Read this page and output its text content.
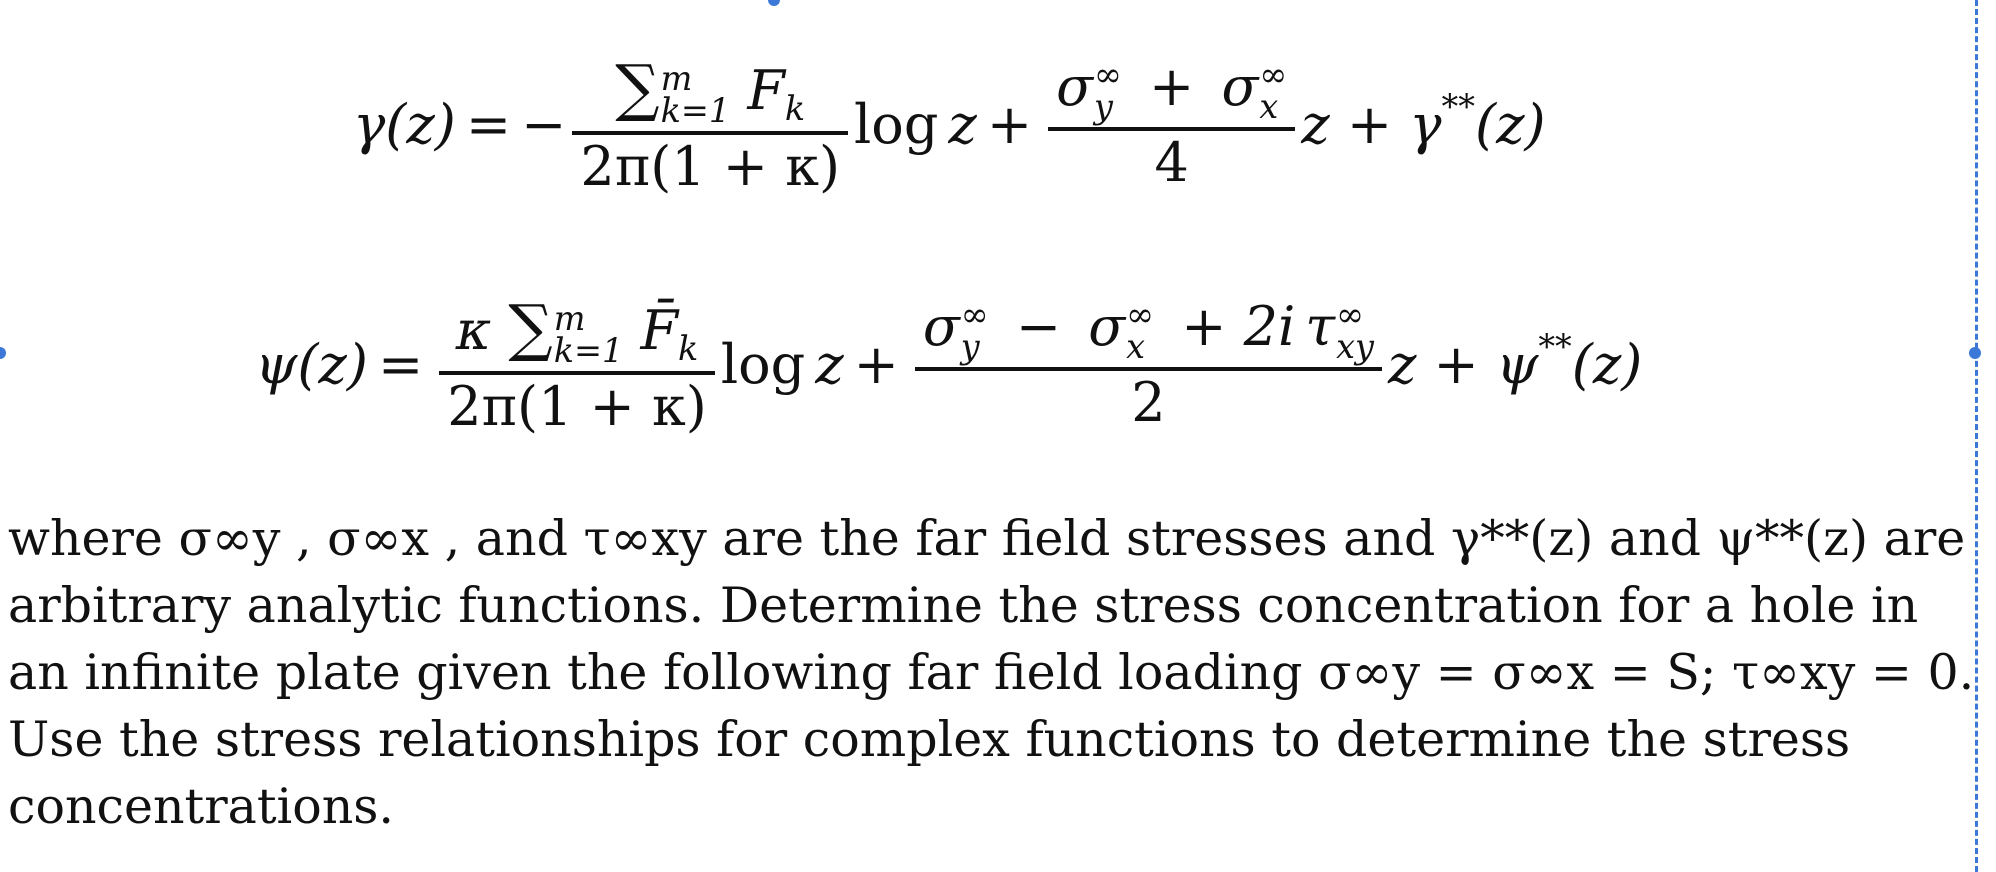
γ(z) = − ∑ m
k=1 $F_k$
2π(1 + κ) log z + σ ∞
y + σ ∞
x
4 z + γ ** (z)
ψ(z) = κ ∑ m
k=1 $F̄_k$
2π(1 + κ) log z + σ ∞
y − σ ∞
x + 2i τ ∞
xy
2 z + ψ ** (z)
where σ∞y , σ∞x , and τ∞xy are the far field stresses and γ**(z) and ψ**(z) are
arbitrary analytic functions. Determine the stress concentration for a hole in
an infinite plate given the following far field loading σ∞y = σ∞x = S; τ∞xy = 0.
Use the stress relationships for complex functions to determine the stress
concentrations.
